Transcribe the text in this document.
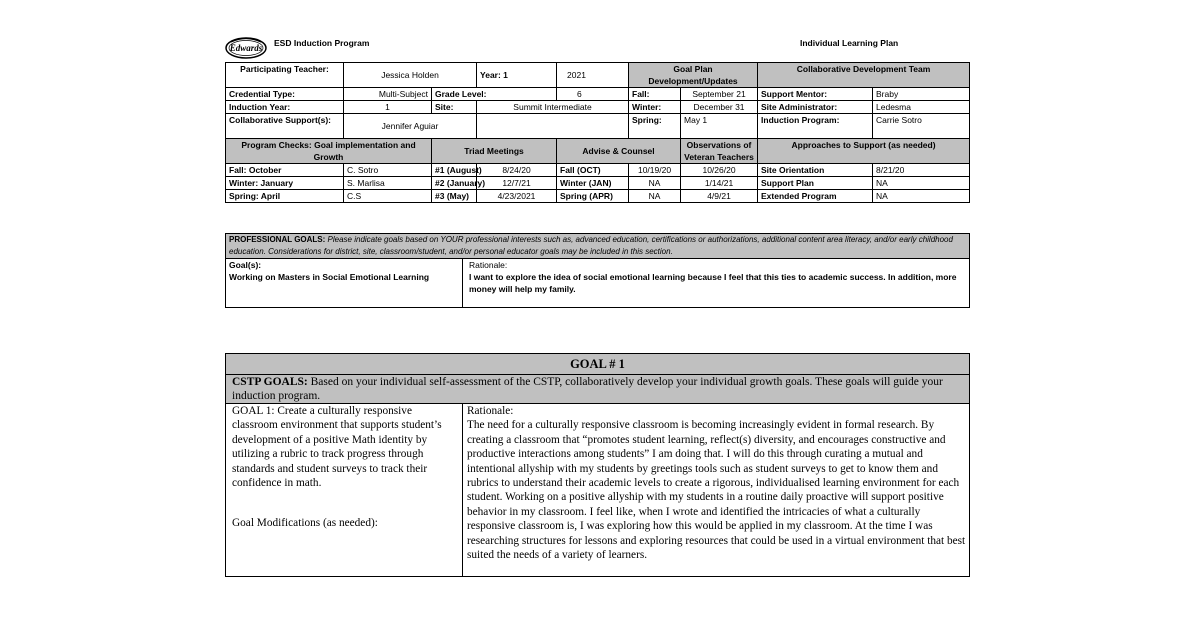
Edwards ESD Induction Program	Individual Learning Plan
Participating Teacher:	Jessica Holden		Year: 1	2021	Goal Plan Development/Updates		Collaborative Development Team	
Credential Type:	Multi-Subject	Grade Level:		6	Fall:	September 21	Support Mentor:	Braby
Induction Year:	1	Site:	Summit Intermediate		Winter:	December 31	Site Administrator:	Ledesma
Collaborative Support(s):	Jennifer Aguiar				Spring:	May 1	Induction Program:	Carrie Sotro
Program Checks: Goal implementation and Growth		Triad Meetings		Advise & Counsel		Observations of Veteran Teachers	Approaches to Support (as needed)	
Fall: October	C. Sotro	#1 (August)	8/24/20	Fall (OCT)	10/19/20	10/26/20	Site Orientation	8/21/20
Winter: January	S. Marlisa	#2 (January)	12/7/21	Winter (JAN)	NA	1/14/21	Support Plan	NA
Spring: April	C.S	#3 (May)	4/23/2021	Spring (APR)	NA	4/9/21	Extended Program	NA
PROFESSIONAL GOALS: Please indicate goals based on YOUR professional interests such as, advanced education, certifications or authorizations, additional content area literacy, and/or early childhood education. Considerations for district, site, classroom/student, and/or personal educator goals may be included in this section.

Goal(s):
Working on Masters in Social Emotional Learning

Rationale:
I want to explore the idea of social emotional learning because I feel that this ties to academic success. In addition, more money will help my family.
GOAL # 1
CSTP GOALS: Based on your individual self-assessment of the CSTP, collaboratively develop your individual growth goals. These goals will guide your induction program.

GOAL 1: Create a culturally responsive classroom environment that supports student’s development of a positive Math identity by utilizing a rubric to track progress through standards and student surveys to track their confidence in math.
Goal Modifications (as needed):

Rationale:
The need for a culturally responsive classroom is becoming increasingly evident in formal research. By creating a classroom that “promotes student learning, reflect(s) diversity, and encourages constructive and productive interactions among students” I am doing that. I will do this through curating a mutual and intentional allyship with my students by greetings tools such as student surveys to get to know them and rubrics to understand their academic levels to create a rigorous, individualised learning environment for each student. Working on a positive allyship with my students in a routine daily proactive will support positive behavior in my classroom. I feel like, when I wrote and identified the intricacies of what a culturally responsive classroom is, I was exploring how this would be applied in my classroom. At the time I was researching structures for lessons and exploring resources that could be used in a virtual environment that best suited the needs of a variety of learners.
